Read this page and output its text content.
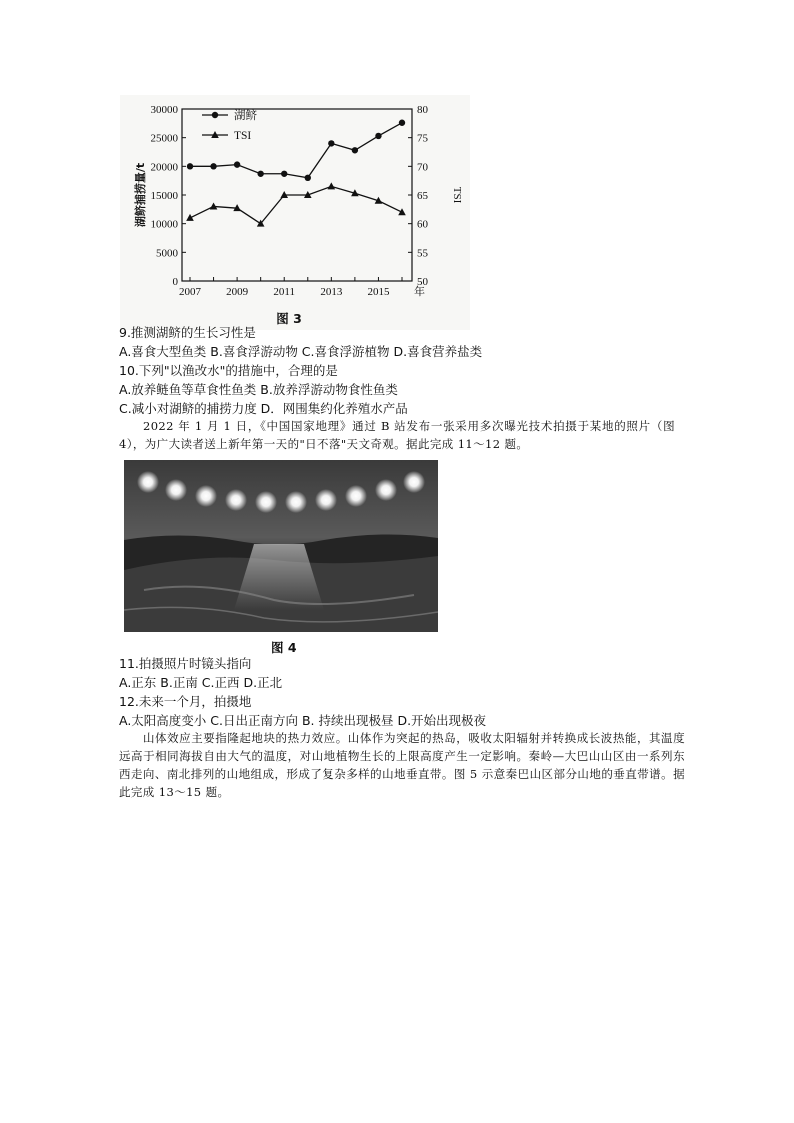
0
5000
10000
15000
20000
25000
30000
50
55
60
65
70
75
80
2007 2009 2011 2013 2015 年
湖鲚捕捞量/t	TSI
湖鲚
TSI
图 3
9.推测湖鲚的生长习性是
A.喜食大型鱼类 B.喜食浮游动物 C.喜食浮游植物 D.喜食营养盐类
10.下列"以渔改水"的措施中，合理的是
A.放养鲢鱼等草食性鱼类 B.放养浮游动物食性鱼类
C.减小对湖鲚的捕捞力度 D．网围集约化养殖水产品
2022 年 1 月 1 日，《中国国家地理》通过 B 站发布一张采用多次曝光技术拍摄于某地的照片（图 4），为广大读者送上新年第一天的"日不落"天文奇观。据此完成 11～12 题。
图 4
11.拍摄照片时镜头指向
A.正东 B.正南 C.正西 D.正北
12.未来一个月，拍摄地
A.太阳高度变小 C.日出正南方向 B. 持续出现极昼 D.开始出现极夜
山体效应主要指隆起地块的热力效应。山体作为突起的热岛，吸收太阳辐射并转换成长波热能，其温度远高于相同海拔自由大气的温度，对山地植物生长的上限高度产生一定影响。秦岭—大巴山山区由一系列东西走向、南北排列的山地组成，形成了复杂多样的山地垂直带。图 5 示意秦巴山区部分山地的垂直带谱。据此完成 13～15 题。
